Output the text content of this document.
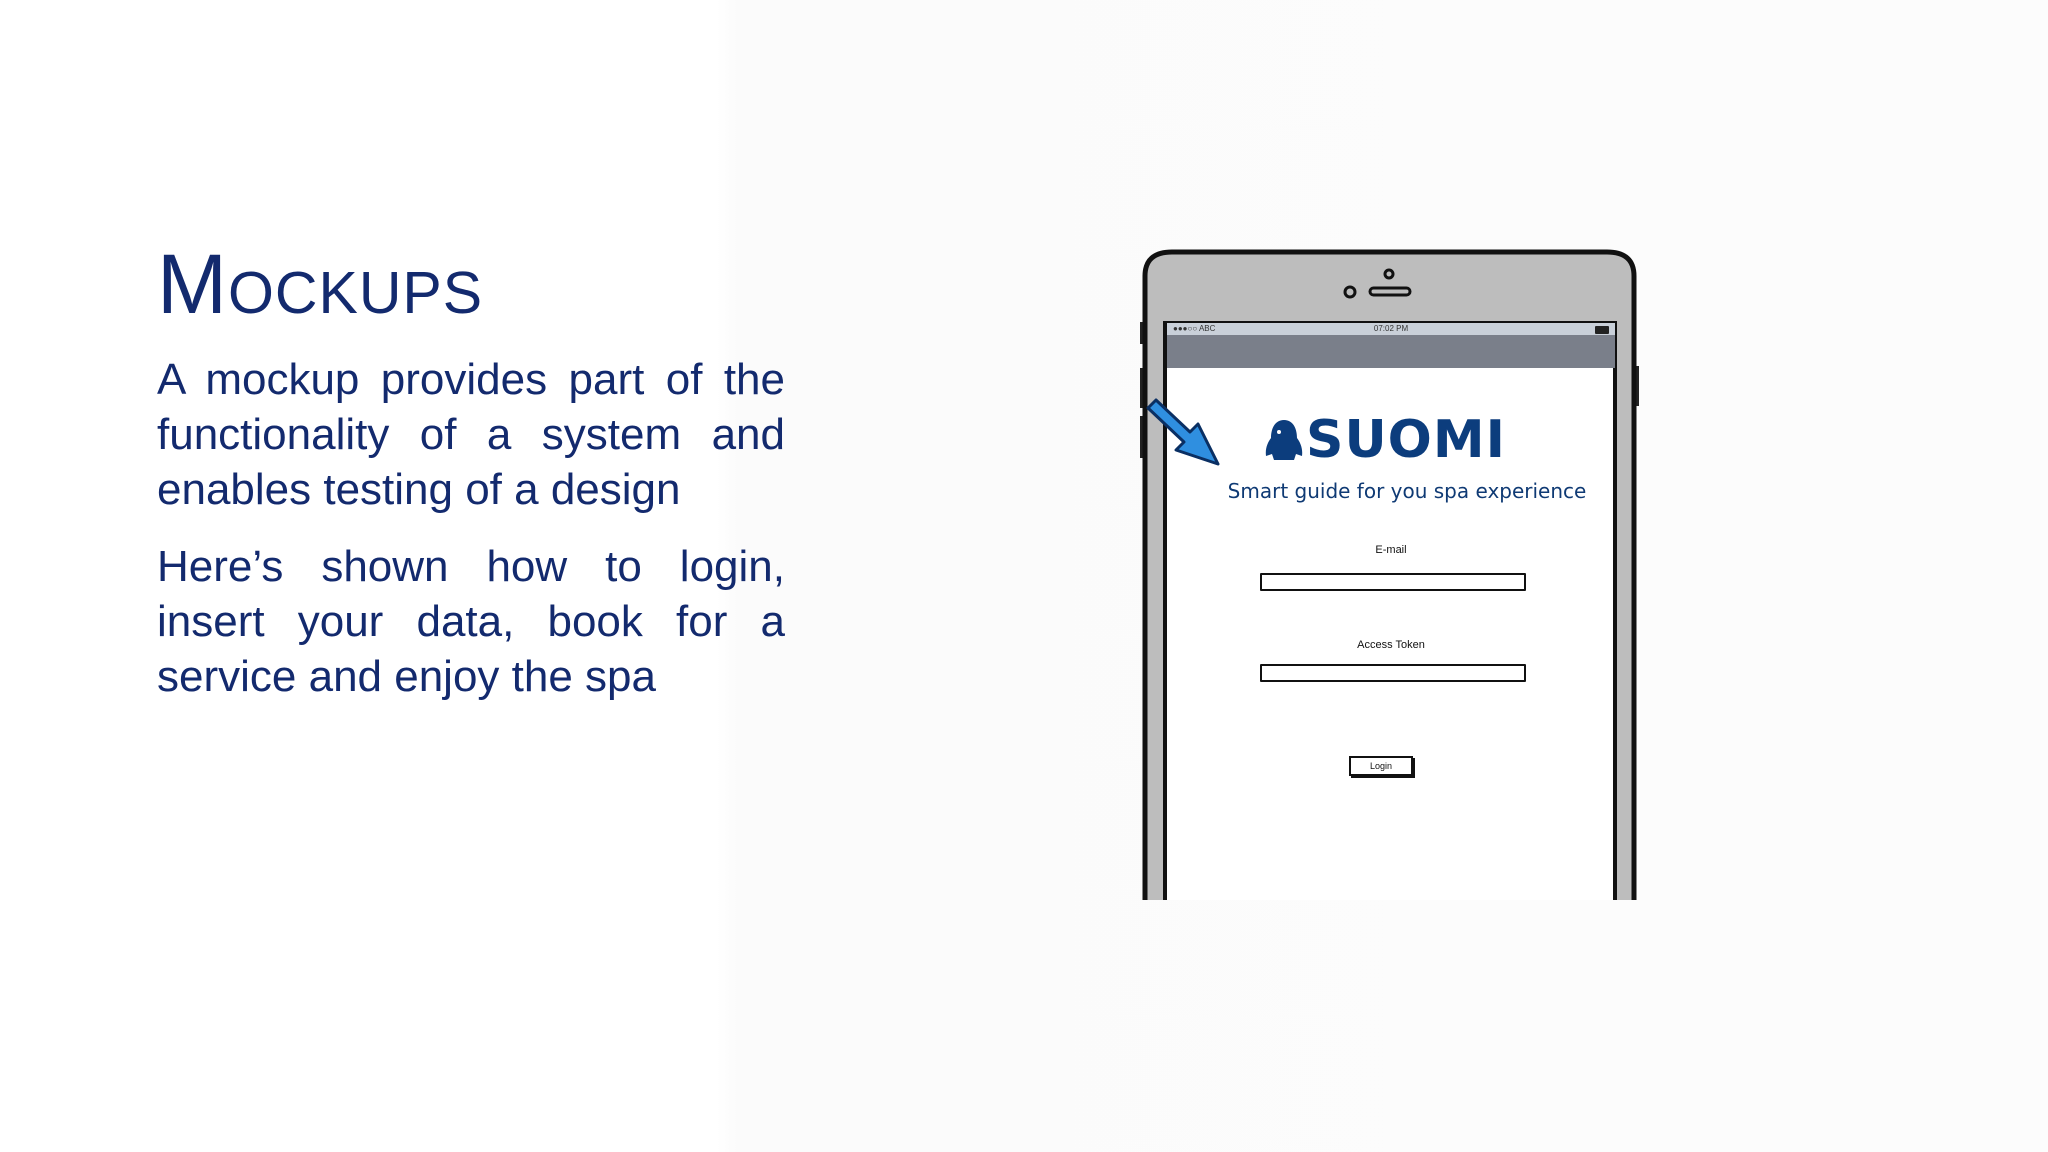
Mockups

A mockup provides part of the functionality of a system and enables testing of a design

Here’s shown how to login, insert your data, book for a service and enjoy the spa

●●●○○ ABC	07:02 PM
SUOMI
Smart guide for you spa experience
E-mail
Access Token
Login
